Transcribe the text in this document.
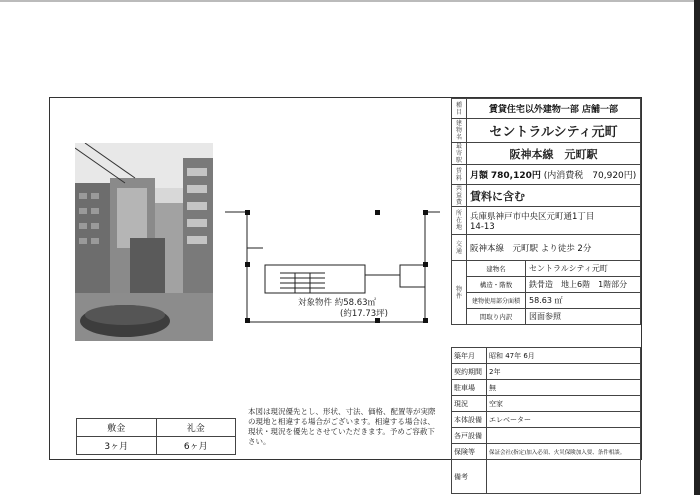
対象物件 約58.63㎡
(約17.73坪)
敷金	礼金
3ヶ月	6ヶ月
本図は現況優先とし、形状、寸法、価格、配置等が実際の現地と相違する場合がございます。相違する場合は、現状・現況を優先とさせていただきます。予めご容赦下さい。
種目	賃貸住宅以外建物一部 店舗一部	
建物名	セントラルシティ元町	
最寄駅	阪神本線　元町駅	
賃料	月額 780,120円 (内消費税　70,920円)	
共益費	賃料に含む	
所在地	兵庫県神戸市中央区元町通1丁目
14-13	

交通	阪神本線　元町駅 より徒歩 2分	
物件	建物名	セントラルシティ元町
	構造・階数	鉄骨造　地上6階　1階部分
	建物使用部分面積	58.63 ㎡
	間取り内訳	図面参照
築年月	昭和 47年 6月
契約期間	2年
駐車場	無
現況	空家
本体設備	エレベーター
各戸設備	
保険等	保証会社(指定)加入必須、火災保険加入要、条件相談。
備考	
